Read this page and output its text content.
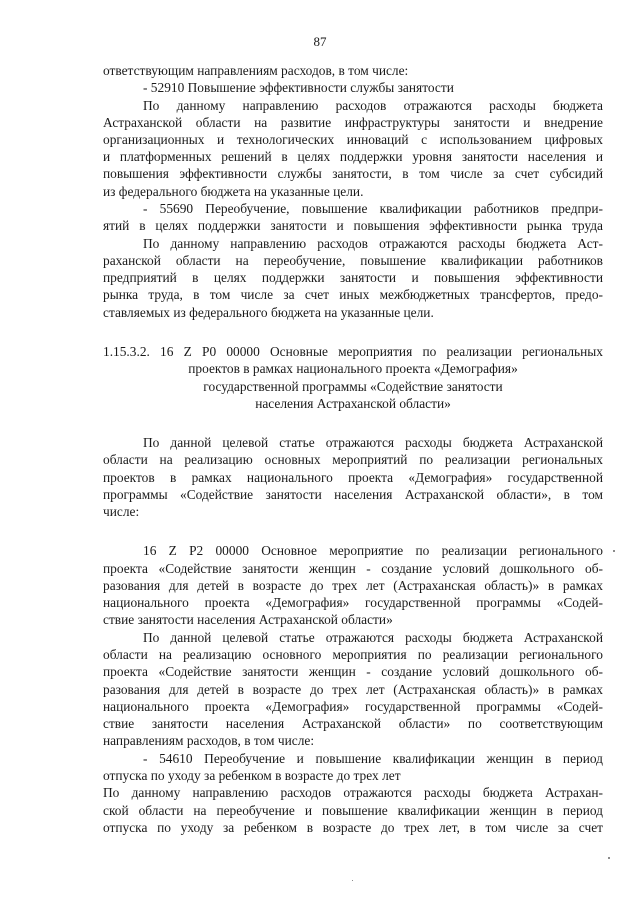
87
ответствующим направлениям расходов, в том числе:
- 52910 Повышение эффективности службы занятости
По данному направлению расходов отражаются расходы бюджета
Астраханской области на развитие инфраструктуры занятости и внедрение
организационных и технологических инноваций с использованием цифровых
и платформенных решений в целях поддержки уровня занятости населения и
повышения эффективности службы занятости, в том числе за счет субсидий
из федерального бюджета на указанные цели.
- 55690 Переобучение, повышение квалификации работников предпри-
ятий в целях поддержки занятости и повышения эффективности рынка труда
По данному направлению расходов отражаются расходы бюджета Аст-
раханской области на переобучение, повышение квалификации работников
предприятий в целях поддержки занятости и повышения эффективности
рынка труда, в том числе за счет иных межбюджетных трансфертов, предо-
ставляемых из федерального бюджета на указанные цели.
1.15.3.2. 16 Z P0 00000 Основные мероприятия по реализации региональных
проектов в рамках национального проекта «Демография»
государственной программы «Содействие занятости
населения Астраханской области»
По данной целевой статье отражаются расходы бюджета Астраханской
области на реализацию основных мероприятий по реализации региональных
проектов в рамках национального проекта «Демография» государственной
программы «Содействие занятости населения Астраханской области», в том
числе:
16 Z P2 00000 Основное мероприятие по реализации регионального
проекта «Содействие занятости женщин - создание условий дошкольного об-
разования для детей в возрасте до трех лет (Астраханская область)» в рамках
национального проекта «Демография» государственной программы «Содей-
ствие занятости населения Астраханской области»
По данной целевой статье отражаются расходы бюджета Астраханской
области на реализацию основного мероприятия по реализации регионального
проекта «Содействие занятости женщин - создание условий дошкольного об-
разования для детей в возрасте до трех лет (Астраханская область)» в рамках
национального проекта «Демография» государственной программы «Содей-
ствие занятости населения Астраханской области» по соответствующим
направлениям расходов, в том числе:
- 54610 Переобучение и повышение квалификации женщин в период
отпуска по уходу за ребенком в возрасте до трех лет
По данному направлению расходов отражаются расходы бюджета Астрахан-
ской области на переобучение и повышение квалификации женщин в период
отпуска по уходу за ребенком в возрасте до трех лет, в том числе за счет
